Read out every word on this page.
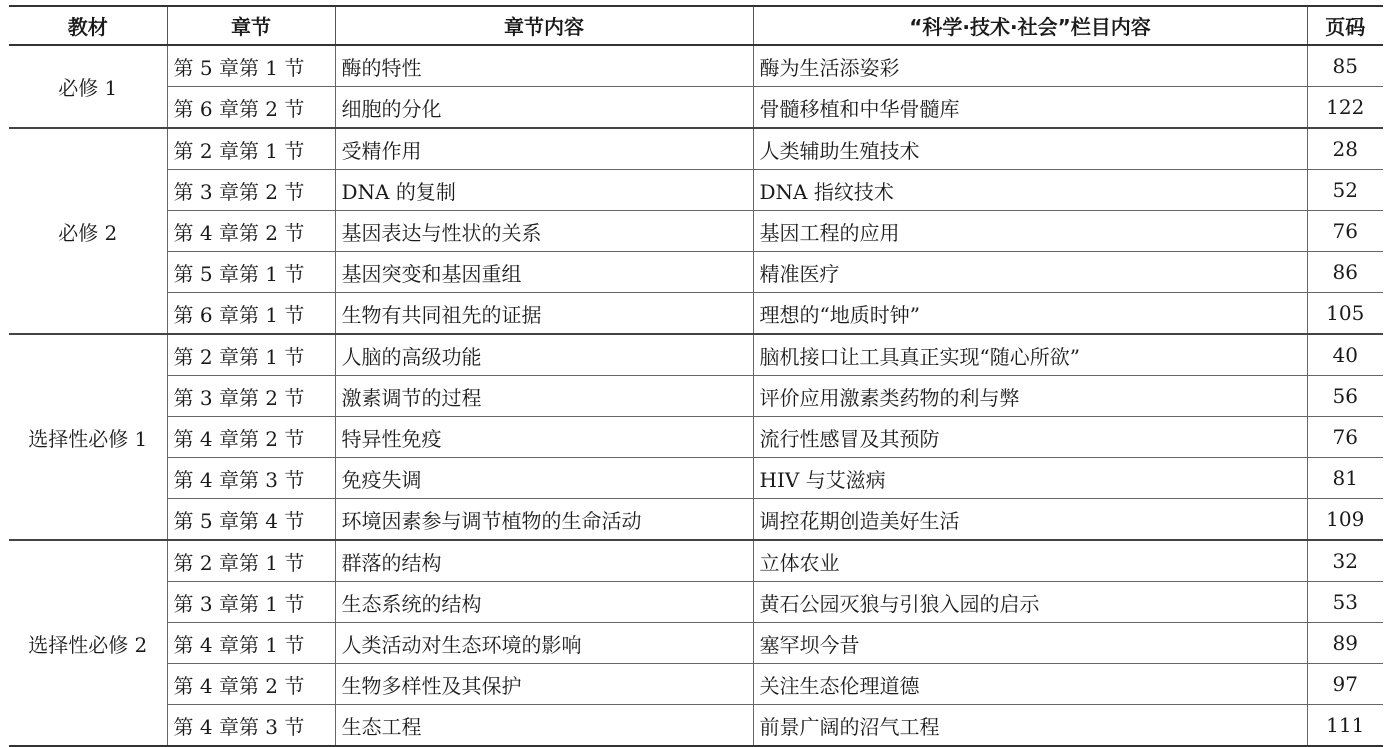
教材	章节	章节内容	“科学·技术·社会”栏目内容	页码
必修 1	第 5 章第 1 节	酶的特性	酶为生活添姿彩	85
	第 6 章第 2 节	细胞的分化	骨髓移植和中华骨髓库	122
必修 2	第 2 章第 1 节	受精作用	人类辅助生殖技术	28
	第 3 章第 2 节	DNA 的复制	DNA 指纹技术	52
	第 4 章第 2 节	基因表达与性状的关系	基因工程的应用	76
	第 5 章第 1 节	基因突变和基因重组	精准医疗	86
	第 6 章第 1 节	生物有共同祖先的证据	理想的“地质时钟”	105
选择性必修 1	第 2 章第 1 节	人脑的高级功能	脑机接口让工具真正实现“随心所欲”	40
	第 3 章第 2 节	激素调节的过程	评价应用激素类药物的利与弊	56
	第 4 章第 2 节	特异性免疫	流行性感冒及其预防	76
	第 4 章第 3 节	免疫失调	HIV 与艾滋病	81
	第 5 章第 4 节	环境因素参与调节植物的生命活动	调控花期创造美好生活	109
选择性必修 2	第 2 章第 1 节	群落的结构	立体农业	32
	第 3 章第 1 节	生态系统的结构	黄石公园灭狼与引狼入园的启示	53
	第 4 章第 1 节	人类活动对生态环境的影响	塞罕坝今昔	89
	第 4 章第 2 节	生物多样性及其保护	关注生态伦理道德	97
	第 4 章第 3 节	生态工程	前景广阔的沼气工程	111
